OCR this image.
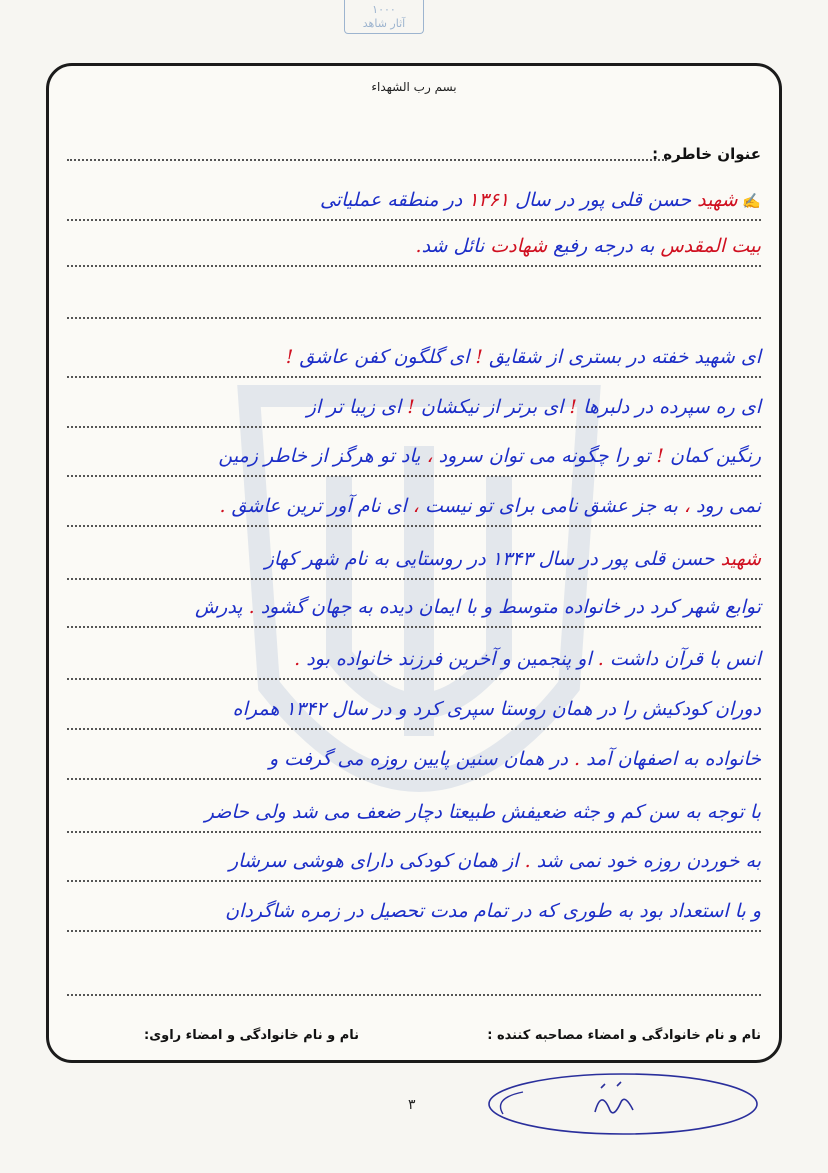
۱۰۰۰
آثار شاهد
بسم رب الشهداء
عنوان خاطره :
✍ شهید حسن قلی پور در سال ۱۳۶۱ در منطقه عملیاتی
بیت المقدس به درجه رفیع شهادت نائل شد.
ای شهید خفته در بستری از شقایق ! ای گلگون کفن عاشق !
ای ره سپرده در دلبرها ! ای برتر از نیکشان ! ای زیبا تر از
رنگین کمان ! تو را چگونه می توان سرود ، یاد تو هرگز از خاطر زمین
نمی رود ، به جز عشق نامی برای تو نیست ، ای نام آور ترین عاشق .
شهید حسن قلی پور در سال ۱۳۴۳ در روستایی به نام شهر کهاز
توابع شهر کرد در خانواده متوسط و با ایمان دیده به جهان گشود . پدرش
انس با قرآن داشت . او پنجمین و آخرین فرزند خانواده بود .
دوران کودکیش را در همان روستا سپری کرد و در سال ۱۳۴۲ همراه
خانواده به اصفهان آمد . در همان سنین پایین روزه می گرفت و
با توجه به سن کم و جثه ضعیفش طبیعتا دچار ضعف می شد ولی حاضر
به خوردن روزه خود نمی شد . از همان کودکی دارای هوشی سرشار
و با استعداد بود به طوری که در تمام مدت تحصیل در زمره شاگردان
نام و نام خانوادگی و امضاء مصاحبه کننده :
نام و نام خانوادگی و امضاء راوی:
۳
